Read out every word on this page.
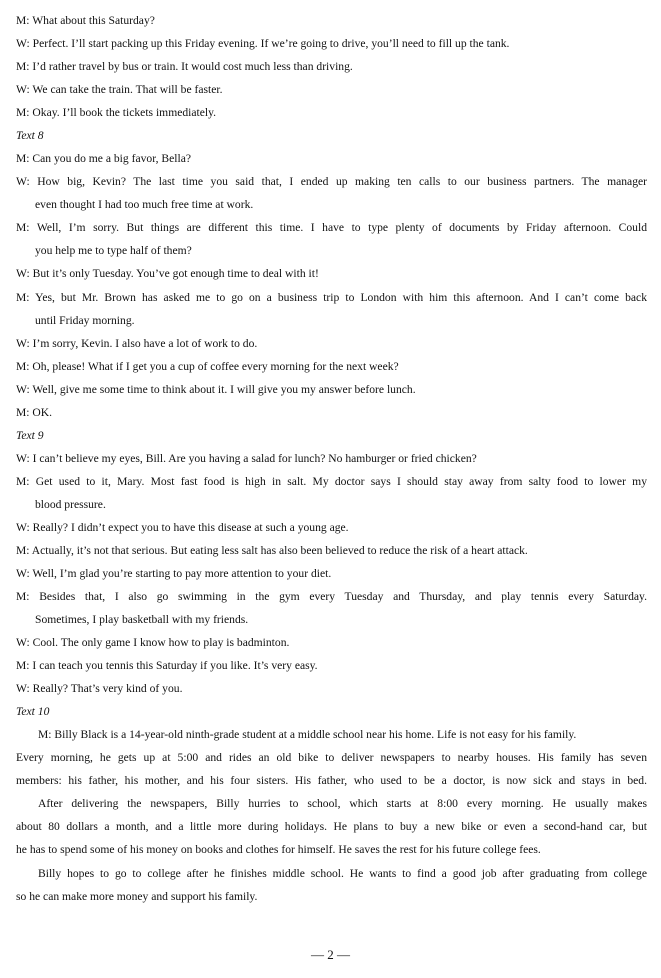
M: What about this Saturday?
W: Perfect. I’ll start packing up this Friday evening. If we’re going to drive, you’ll need to fill up the tank.
M: I’d rather travel by bus or train. It would cost much less than driving.
W: We can take the train. That will be faster.
M: Okay. I’ll book the tickets immediately.
Text 8
M: Can you do me a big favor, Bella?
W: How big, Kevin? The last time you said that, I ended up making ten calls to our business partners. The manager
even thought I had too much free time at work.
M: Well, I’m sorry. But things are different this time. I have to type plenty of documents by Friday afternoon. Could
you help me to type half of them?
W: But it’s only Tuesday. You’ve got enough time to deal with it!
M: Yes, but Mr. Brown has asked me to go on a business trip to London with him this afternoon. And I can’t come back
until Friday morning.
W: I’m sorry, Kevin. I also have a lot of work to do.
M: Oh, please! What if I get you a cup of coffee every morning for the next week?
W: Well, give me some time to think about it. I will give you my answer before lunch.
M: OK.
Text 9
W: I can’t believe my eyes, Bill. Are you having a salad for lunch? No hamburger or fried chicken?
M: Get used to it, Mary. Most fast food is high in salt. My doctor says I should stay away from salty food to lower my
blood pressure.
W: Really? I didn’t expect you to have this disease at such a young age.
M: Actually, it’s not that serious. But eating less salt has also been believed to reduce the risk of a heart attack.
W: Well, I’m glad you’re starting to pay more attention to your diet.
M: Besides that, I also go swimming in the gym every Tuesday and Thursday, and play tennis every Saturday.
Sometimes, I play basketball with my friends.
W: Cool. The only game I know how to play is badminton.
M: I can teach you tennis this Saturday if you like. It’s very easy.
W: Really? That’s very kind of you.
Text 10
M: Billy Black is a 14-year-old ninth-grade student at a middle school near his home. Life is not easy for his family.
Every morning, he gets up at 5:00 and rides an old bike to deliver newspapers to nearby houses. His family has seven
members: his father, his mother, and his four sisters. His father, who used to be a doctor, is now sick and stays in bed.
After delivering the newspapers, Billy hurries to school, which starts at 8:00 every morning. He usually makes
about 80 dollars a month, and a little more during holidays. He plans to buy a new bike or even a second-hand car, but
he has to spend some of his money on books and clothes for himself. He saves the rest for his future college fees.
Billy hopes to go to college after he finishes middle school. He wants to find a good job after graduating from college
so he can make more money and support his family.
— 2 —
